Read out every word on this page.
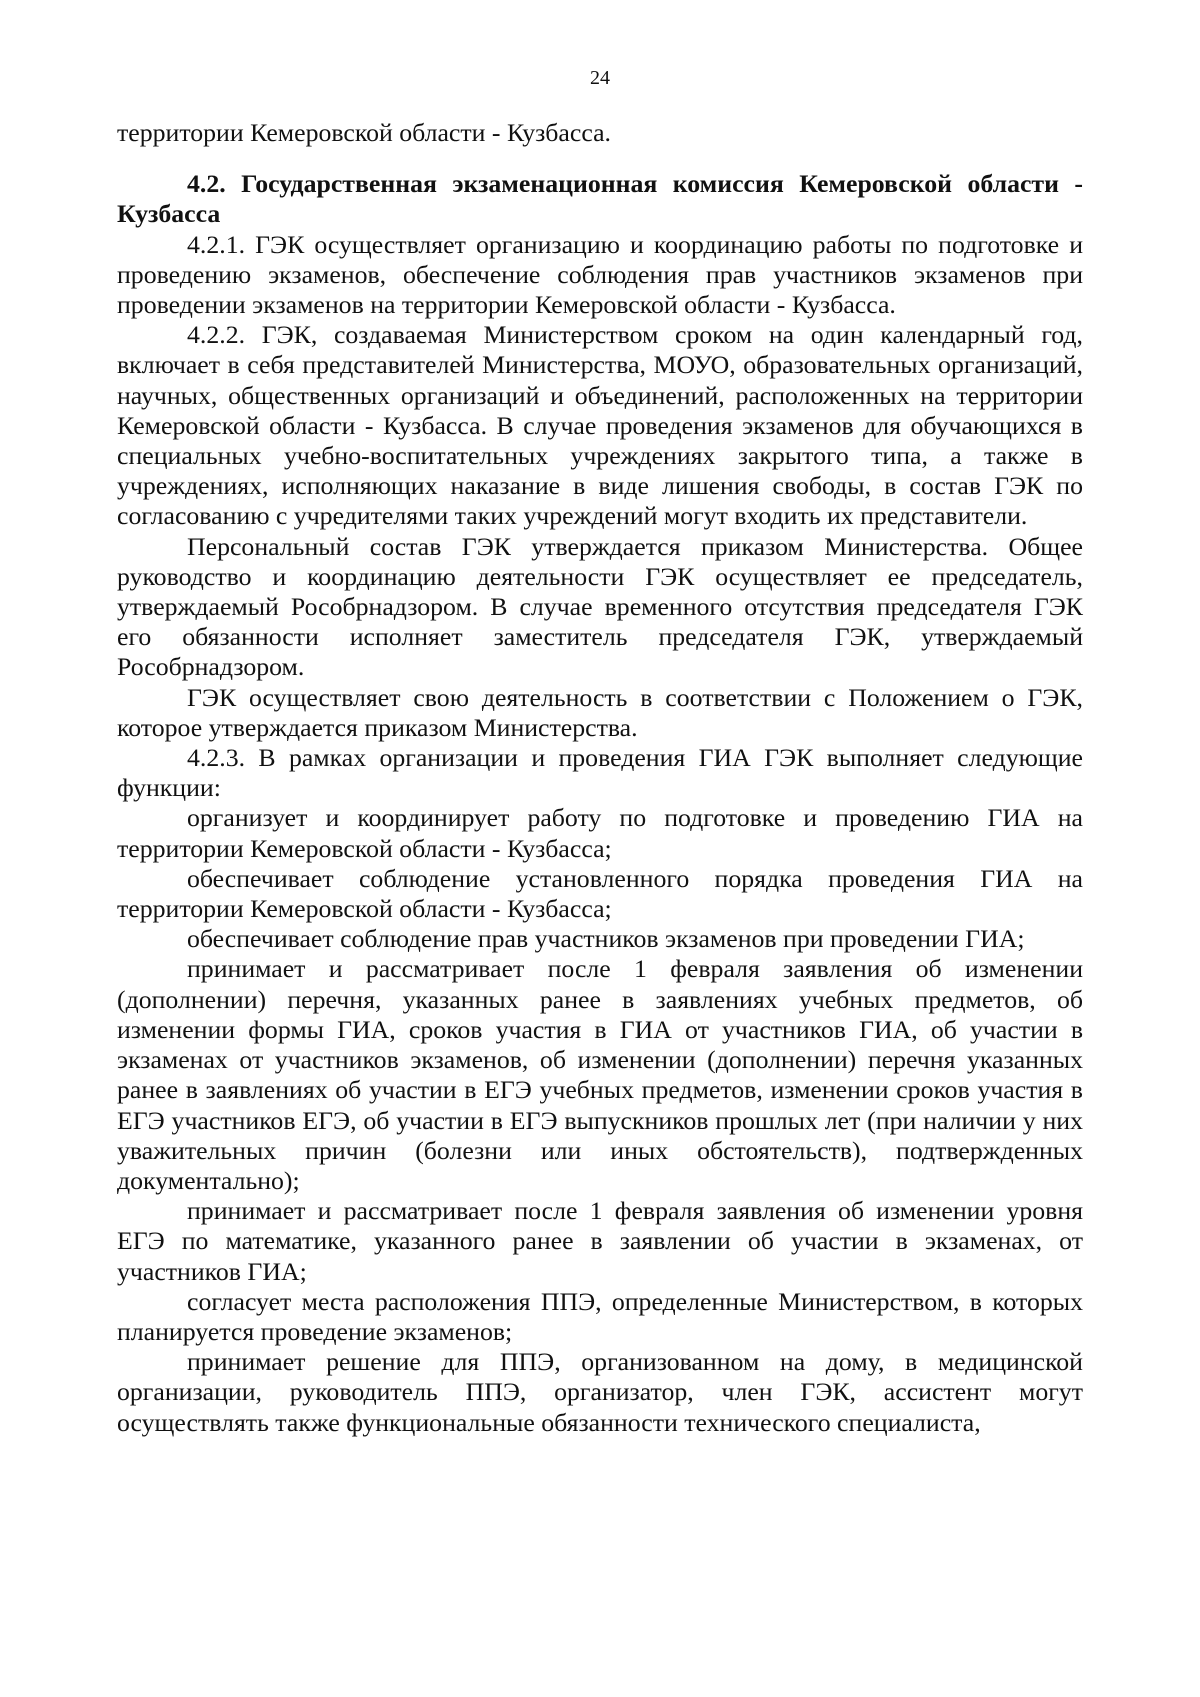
24

территории Кемеровской области - Кузбасса.

4.2. Государственная экзаменационная комиссия Кемеровской области - Кузбасса

4.2.1. ГЭК осуществляет организацию и координацию работы по подготовке и проведению экзаменов, обеспечение соблюдения прав участников экзаменов при проведении экзаменов на территории Кемеровской области - Кузбасса.

4.2.2. ГЭК, создаваемая Министерством сроком на один календарный год, включает в себя представителей Министерства, МОУО, образовательных организаций, научных, общественных организаций и объединений, расположенных на территории Кемеровской области - Кузбасса. В случае проведения экзаменов для обучающихся в специальных учебно-воспитательных учреждениях закрытого типа, а также в учреждениях, исполняющих наказание в виде лишения свободы, в состав ГЭК по согласованию с учредителями таких учреждений могут входить их представители.

Персональный состав ГЭК утверждается приказом Министерства. Общее руководство и координацию деятельности ГЭК осуществляет ее председатель, утверждаемый Рособрнадзором. В случае временного отсутствия председателя ГЭК его обязанности исполняет заместитель председателя ГЭК, утверждаемый Рособрнадзором.

ГЭК осуществляет свою деятельность в соответствии с Положением о ГЭК, которое утверждается приказом Министерства.

4.2.3. В рамках организации и проведения ГИА ГЭК выполняет следующие функции:

организует и координирует работу по подготовке и проведению ГИА на территории Кемеровской области - Кузбасса;

обеспечивает соблюдение установленного порядка проведения ГИА на территории Кемеровской области - Кузбасса;

обеспечивает соблюдение прав участников экзаменов при проведении ГИА;

принимает и рассматривает после 1 февраля заявления об изменении (дополнении) перечня, указанных ранее в заявлениях учебных предметов, об изменении формы ГИА, сроков участия в ГИА от участников ГИА, об участии в экзаменах от участников экзаменов, об изменении (дополнении) перечня указанных ранее в заявлениях об участии в ЕГЭ учебных предметов, изменении сроков участия в ЕГЭ участников ЕГЭ, об участии в ЕГЭ выпускников прошлых лет (при наличии у них уважительных причин (болезни или иных обстоятельств), подтвержденных документально);

принимает и рассматривает после 1 февраля заявления об изменении уровня ЕГЭ по математике, указанного ранее в заявлении об участии в экзаменах, от участников ГИА;

согласует места расположения ППЭ, определенные Министерством, в которых планируется проведение экзаменов;

принимает решение для ППЭ, организованном на дому, в медицинской организации, руководитель ППЭ, организатор, член ГЭК, ассистент могут осуществлять также функциональные обязанности технического специалиста,
